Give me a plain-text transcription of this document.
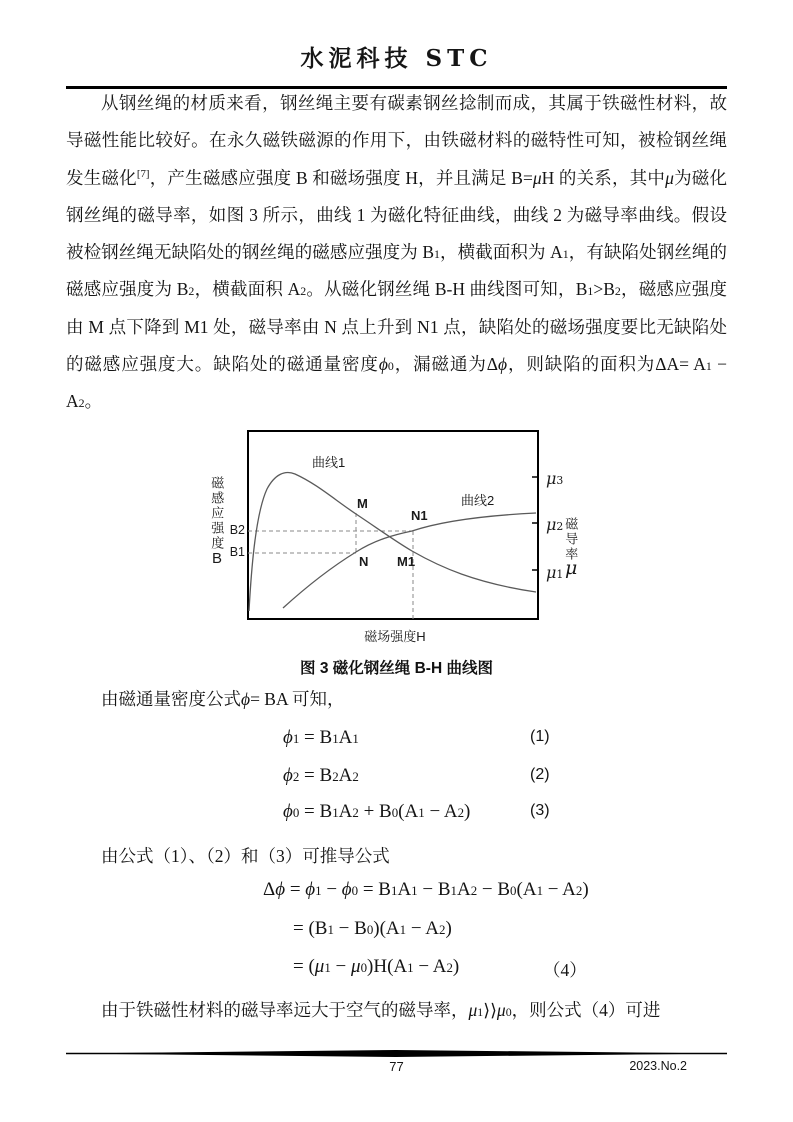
水泥科技 STC
从钢丝绳的材质来看，钢丝绳主要有碳素钢丝捻制而成，其属于铁磁性材料，故导磁性能比较好。在永久磁铁磁源的作用下，由铁磁材料的磁特性可知，被检钢丝绳发生磁化[7]，产生磁感应强度 B 和磁场强度 H，并且满足 B=μH 的关系，其中μ为磁化钢丝绳的磁导率，如图 3 所示，曲线 1 为磁化特征曲线，曲线 2 为磁导率曲线。假设被检钢丝绳无缺陷处的钢丝绳的磁感应强度为 $B_1$，横截面积为 $A_1$，有缺陷处钢丝绳的磁感应强度为 $B_2$，横截面积 $A_2$。从磁化钢丝绳 B-H 曲线图可知，$B_1>B_2$，磁感应强度由 M 点下降到 M1 处，磁导率由 N 点上升到 N1 点，缺陷处的磁场强度要比无缺陷处的磁感应强度大。缺陷处的磁通量密度$\phi_0$，漏磁通为Δϕ，则缺陷的面积为$\Delta A= A_1 - A_2$。
磁感应强度
B
B2
B1
曲线1
曲线2
M
N1
N M1
$\mu_3$
$\mu_2$
$\mu_1$
磁导率
μ
磁场强度H
图 3 磁化钢丝绳 B-H 曲线图
由磁通量密度公式ϕ= BA 可知，
$\phi_1 = B_1A_1$	(1)
$\phi_2 = B_2A_2$	(2)
$\phi_0 = B_1A_2 + B_0(A_1 - A_2)$	(3)
由公式（1）、（2）和（3）可推导公式
$\Delta\phi = \phi_1 - \phi_0 = B_1A_1 - B_1A_2 - B_0(A_1 - A_2)$
= $(B_1 - B_0)(A_1 - A_2)$
= $(\mu_1 - \mu_0)H(A_1 - A_2)$	（4）
由于铁磁性材料的磁导率远大于空气的磁导率，$\mu_1⟩⟩\mu_0$，则公式（4）可进
77	2023.No.2
